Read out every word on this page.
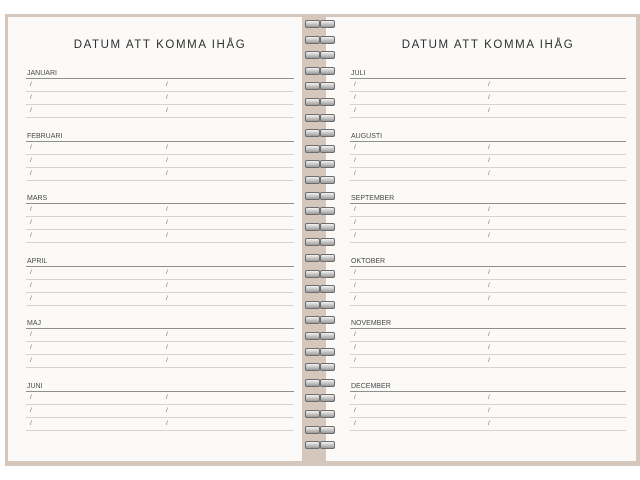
DATUM ATT KOMMA IHÅG
JANUARI
/	/
/	/
/	/
FEBRUARI
/	/
/	/
/	/
MARS
/	/
/	/
/	/
APRIL
/	/
/	/
/	/
MAJ
/	/
/	/
/	/
JUNI
/	/
/	/
/	/
DATUM ATT KOMMA IHÅG
JULI
/	/
/	/
/	/
AUGUSTI
/	/
/	/
/	/
SEPTEMBER
/	/
/	/
/	/
OKTOBER
/	/
/	/
/	/
NOVEMBER
/	/
/	/
/	/
DECEMBER
/	/
/	/
/	/
